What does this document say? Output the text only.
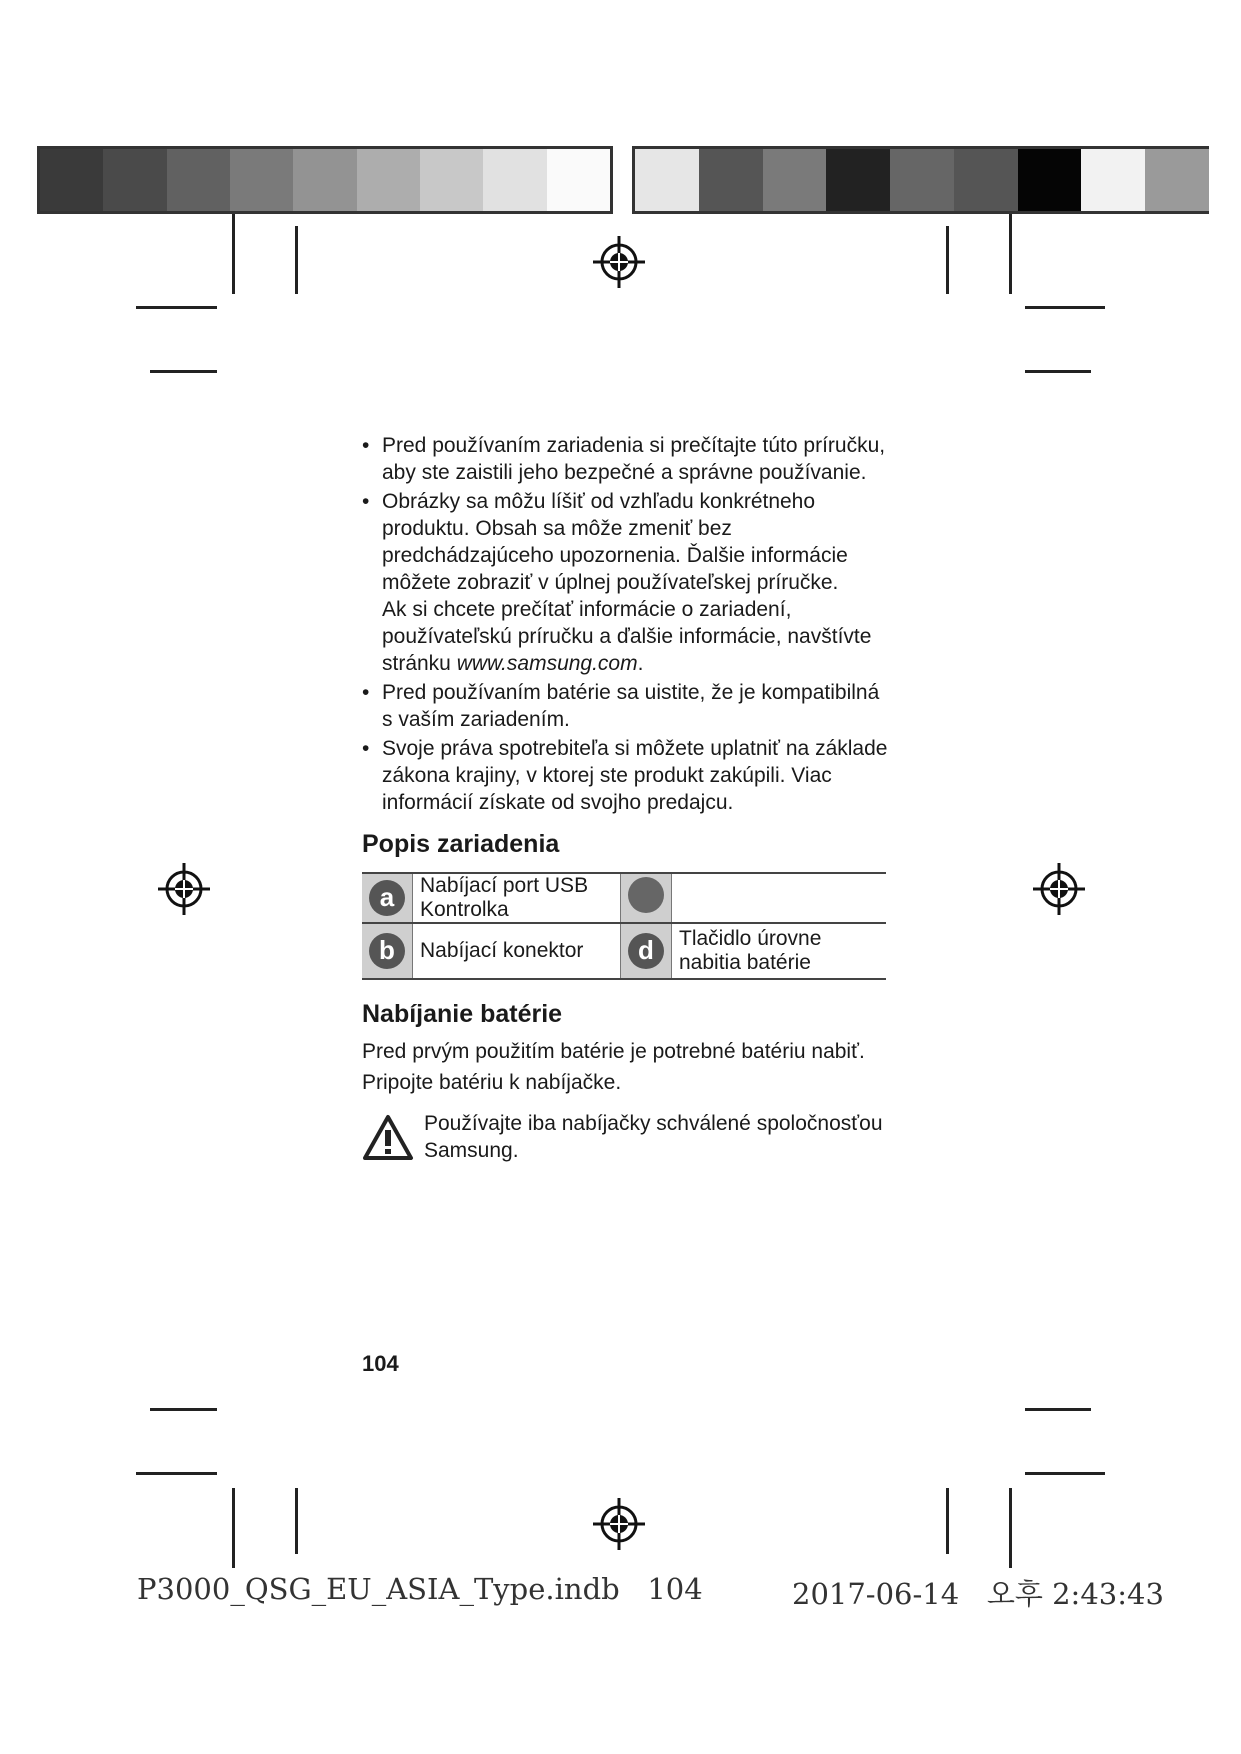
• Pred používaním zariadenia si prečítajte túto príručku, aby ste zaistili jeho bezpečné a správne používanie.
• Obrázky sa môžu líšiť od vzhľadu konkrétneho produktu. Obsah sa môže zmeniť bez predchádzajúceho upozornenia. Ďalšie informácie môžete zobraziť v úplnej používateľskej príručke.
Ak si chcete prečítať informácie o zariadení, používateľskú príručku a ďalšie informácie, navštívte stránku www.samsung.com.
• Pred používaním batérie sa uistite, že je kompatibilná s vaším zariadením.
• Svoje práva spotrebiteľa si môžete uplatniť na základe zákona krajiny, v ktorej ste produkt zakúpili. Viac informácií získate od svojho predajcu.
Popis zariadenia
a	Nabíjací port USB Kontrolka		
b	Nabíjací konektor	d	Tlačidlo úrovne nabitia batérie
Nabíjanie batérie

Pred prvým použitím batérie je potrebné batériu nabiť.

Pripojte batériu k nabíjačke.

Používajte iba nabíjačky schválené spoločnosťou Samsung.
104
P3000_QSG_EU_ASIA_Type.indb   104	2017-06-14   오후 2:43:43
